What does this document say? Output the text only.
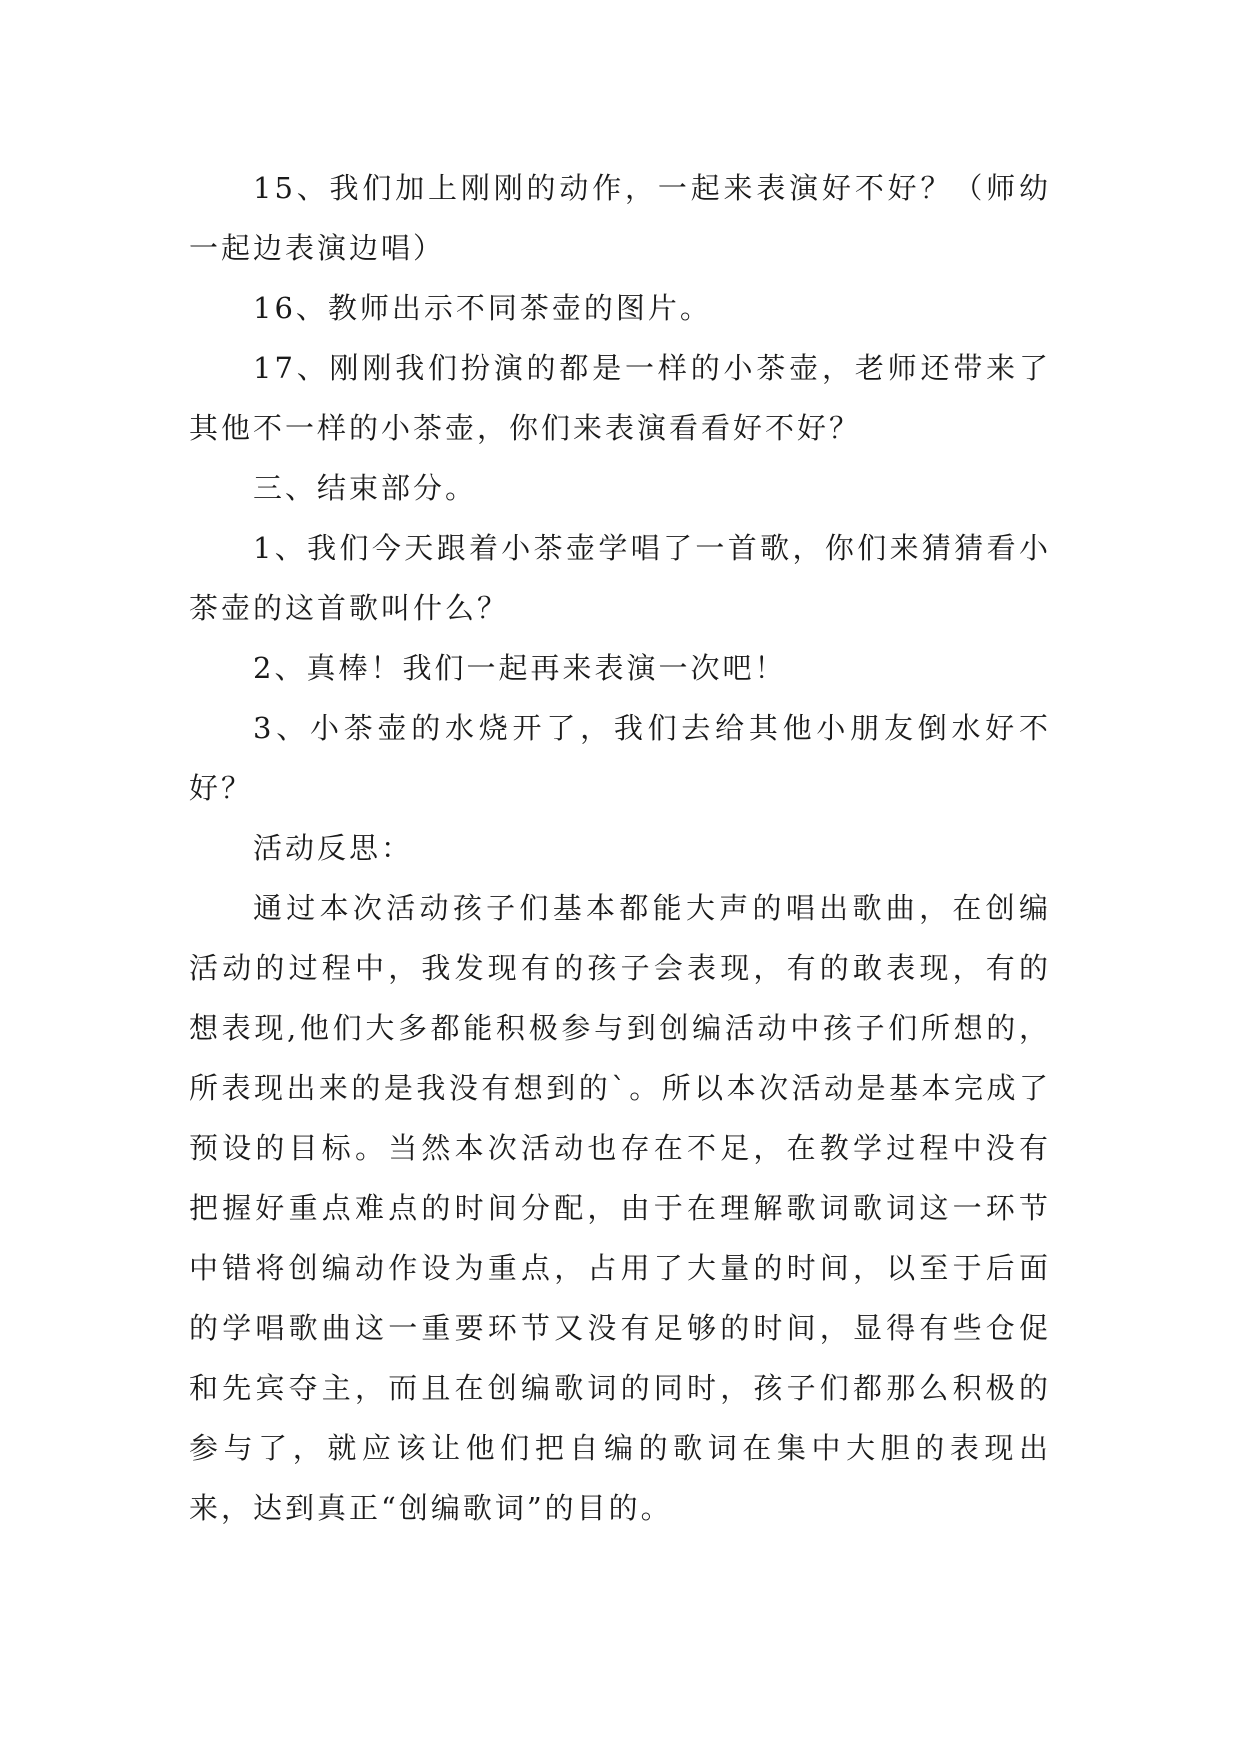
15、我们加上刚刚的动作，一起来表演好不好？（师幼一起边表演边唱）

16、教师出示不同茶壶的图片。

17、刚刚我们扮演的都是一样的小茶壶，老师还带来了其他不一样的小茶壶，你们来表演看看好不好？

三、结束部分。

1、我们今天跟着小茶壶学唱了一首歌，你们来猜猜看小茶壶的这首歌叫什么？

2、真棒！我们一起再来表演一次吧！

3、小茶壶的水烧开了，我们去给其他小朋友倒水好不好？

活动反思：

通过本次活动孩子们基本都能大声的唱出歌曲，在创编活动的过程中，我发现有的孩子会表现，有的敢表现，有的想表现,他们大多都能积极参与到创编活动中孩子们所想的，所表现出来的是我没有想到的`。所以本次活动是基本完成了预设的目标。当然本次活动也存在不足，在教学过程中没有把握好重点难点的时间分配，由于在理解歌词歌词这一环节中错将创编动作设为重点，占用了大量的时间，以至于后面的学唱歌曲这一重要环节又没有足够的时间，显得有些仓促和先宾夺主，而且在创编歌词的同时，孩子们都那么积极的参与了，就应该让他们把自编的歌词在集中大胆的表现出来，达到真正“创编歌词”的目的。
